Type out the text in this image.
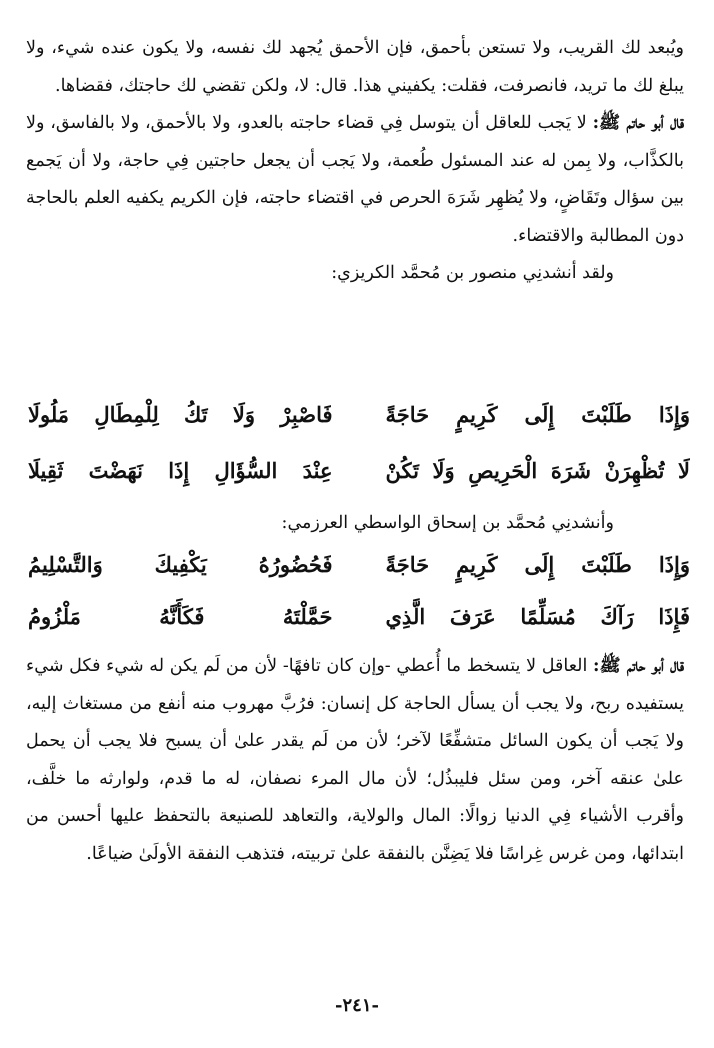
ويُبعد لك القريب، ولا تستعن بأحمق، فإن الأحمق يُجهد لك نفسه، ولا يكون عنده شيء، ولا يبلغ لك ما تريد، فانصرفت، فقلت: يكفيني هذا. قال: لا، ولكن تقضي لك حاجتك، فقضاها.

قال أبو حاتم ﷺ: لا يَجب للعاقل أن يتوسل فِي قضاء حاجته بالعدو، ولا بالأحمق، ولا بالفاسق، ولا بالكذَّاب، ولا بِمن له عند المسئول طُعمة، ولا يَجب أن يجعل حاجتين فِي حاجة، ولا أن يَجمع بين سؤال وتَقَاضٍ، ولا يُظهِر شَرَهَ الحرص في اقتضاء حاجته، فإن الكريم يكفيه العلم بالحاجة دون المطالبة والاقتضاء.

ولقد أنشدنِي منصور بن مُحمَّد الكريزي:

وَإِذَا طَلَبْتَ إِلَى كَرِيمٍ حَاجَةً
فَاصْبِرْ وَلَا تَكُ لِلْمِطَالِ مَلُولَا
لَا تُظْهِرَنْ شَرَهَ الْحَرِيصِ وَلَا تَكُنْ
عِنْدَ السُّؤَالِ إِذَا نَهَضْتَ ثَقِيلَا

وأنشدنِي مُحمَّد بن إسحاق الواسطي العرزمي:

وَإِذَا طَلَبْتَ إِلَى كَرِيمٍ حَاجَةً
فَحُضُورُهُ يَكْفِيكَ وَالتَّسْلِيمُ
فَإِذَا رَآكَ مُسَلِّمًا عَرَفَ الَّذِي
حَمَّلْتَهُ فَكَأَنَّهُ مَلْزُومُ

قال أبو حاتم ﷺ: العاقل لا يتسخط ما أُعطي -وإن كان تافهًا- لأن من لَم يكن له شيء فكل شيء يستفيده ربح، ولا يجب أن يسأل الحاجة كل إنسان: فرُبَّ مهروب منه أنفع من مستغاث إليه، ولا يَجب أن يكون السائل متشفِّعًا لآخر؛ لأن من لَم يقدر علىٰ أن يسبح فلا يجب أن يحمل علىٰ عنقه آخر، ومن سئل فليبذُل؛ لأن مال المرء نصفان، له ما قدم، ولوارثه ما خلَّف، وأقرب الأشياء فِي الدنيا زوالًا: المال والولاية، والتعاهد للصنيعة بالتحفظ عليها أحسن من ابتدائها، ومن غرس غِراسًا فلا يَضِنَّن بالنفقة علىٰ تربيته، فتذهب النفقة الأولَىٰ ضياعًا.

-٢٤١-
